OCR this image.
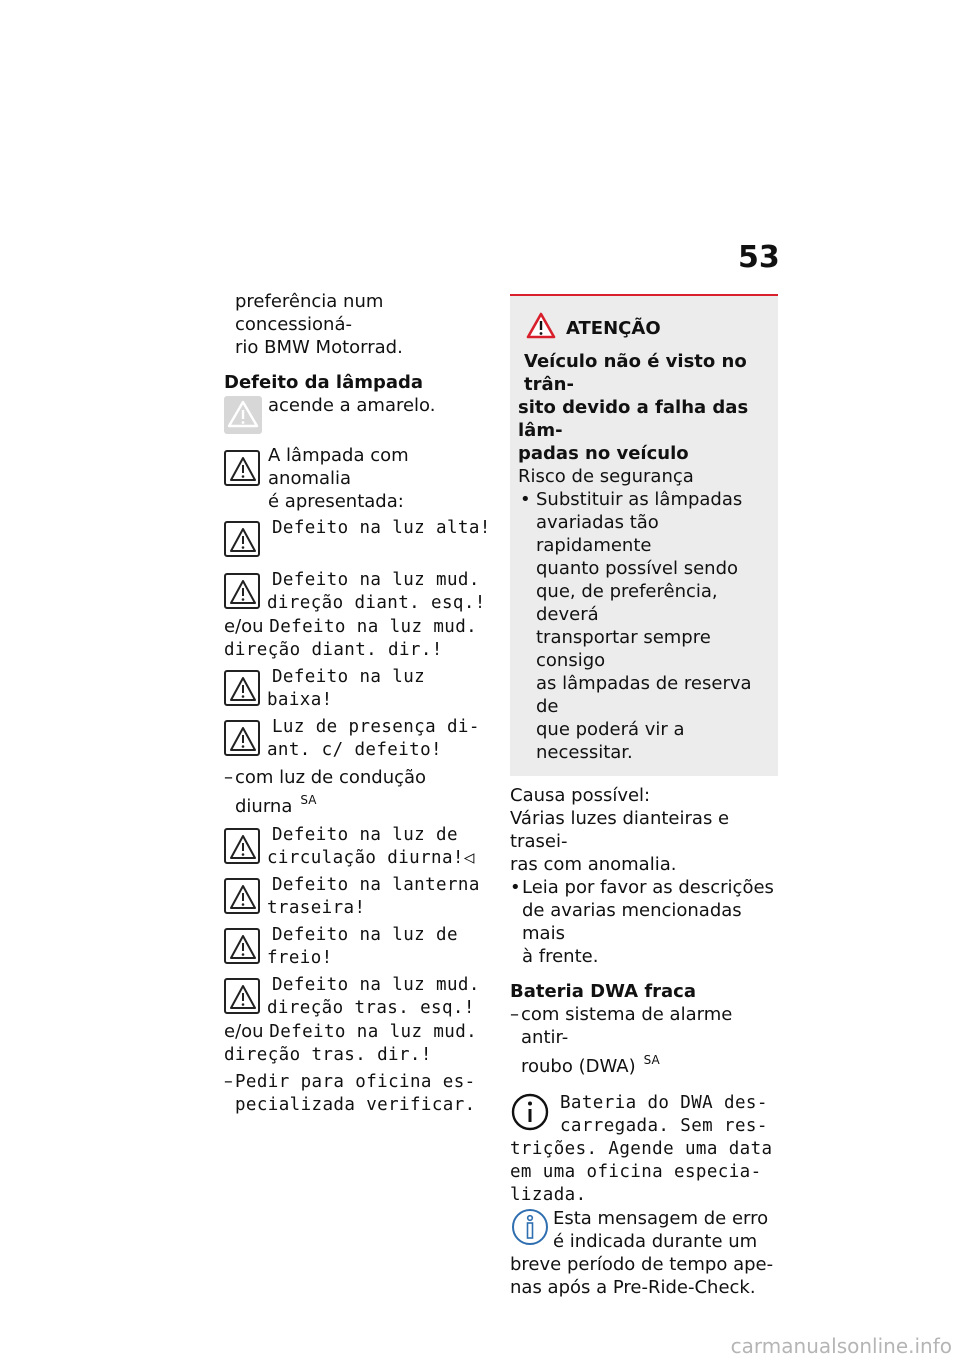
53

preferência num concessioná-

rio BMW Motorrad.

Defeito da lâmpada

acende a amarelo.

A lâmpada com anomalia

é apresentada:

Defeito na luz alta!

Defeito na luz mud.

direção diant. esq.!

e/ou Defeito na luz mud.

direção diant. dir.!

Defeito na luz

baixa!

Luz de presença di-

ant. c/ defeito!

– com luz de condução

diurna $^{SA}$

Defeito na luz de

circulação diurna!◁

Defeito na lanterna

traseira!

Defeito na luz de

freio!

Defeito na luz mud.

direção tras. esq.!

e/ou Defeito na luz mud.

direção tras. dir.!

– Pedir para oficina es-

pecializada verificar.

ATENÇÃO

Veículo não é visto no trân-

sito devido a falha das lâm-

padas no veículo

Risco de segurança

• Substituir as lâmpadas

avariadas tão rapidamente

quanto possível sendo

que, de preferência, deverá

transportar sempre consigo

as lâmpadas de reserva de

que poderá vir a necessitar.

Causa possível:

Várias luzes dianteiras e trasei-

ras com anomalia.

• Leia por favor as descrições

de avarias mencionadas mais

à frente.

Bateria DWA fraca

– com sistema de alarme antir-

roubo (DWA) $^{SA}$

Bateria do DWA des-

carregada. Sem res-

trições. Agende uma data

em uma oficina especia-

lizada.

Esta mensagem de erro

é indicada durante um

breve período de tempo ape-

nas após a Pre-Ride-Check.

carmanualsonline.info
